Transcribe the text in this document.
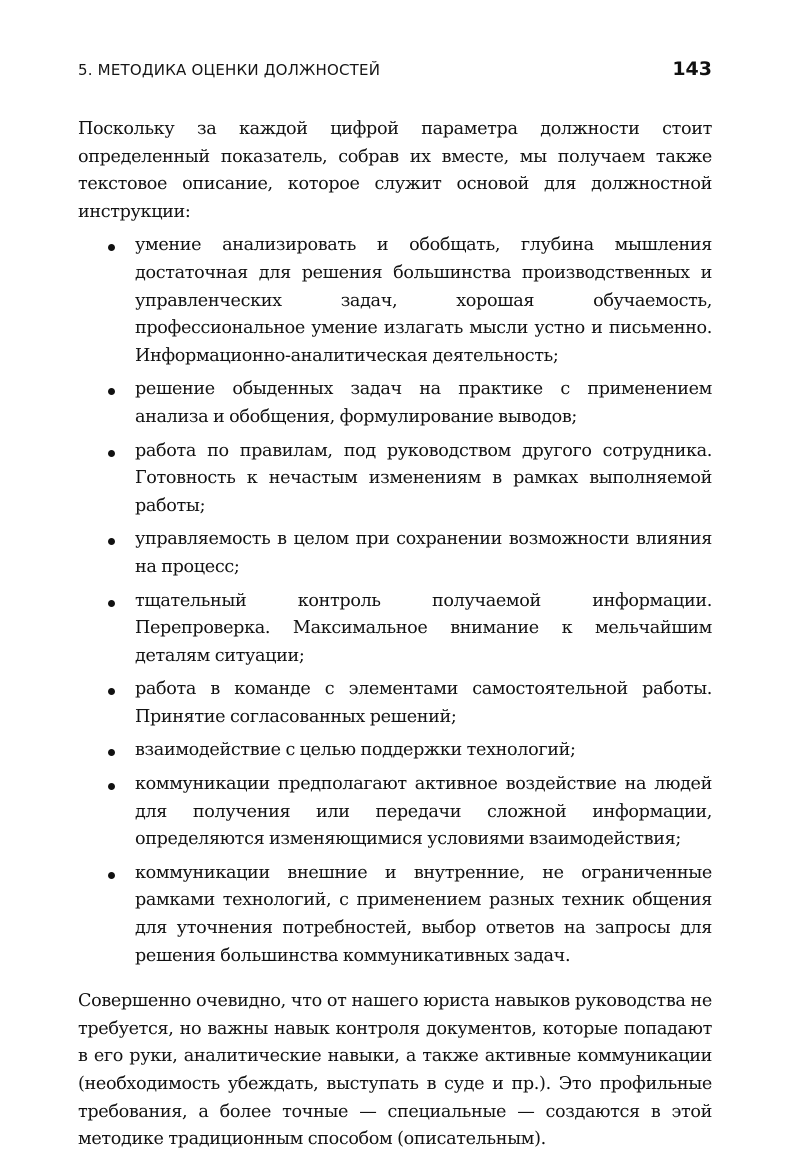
5. МЕТОДИКА ОЦЕНКИ ДОЛЖНОСТЕЙ	143

Поскольку за каждой цифрой параметра должности стоит определенный показатель, собрав их вместе, мы получаем также текстовое описание, которое служит основой для должностной инструкции:

умение анализировать и обобщать, глубина мышления достаточная для решения большинства производственных и управленческих задач, хорошая обучаемость, профессиональное умение излагать мысли устно и письменно. Информационно-аналитическая деятельность;
решение обыденных задач на практике с применением анализа и обобщения, формулирование выводов;
работа по правилам, под руководством другого сотрудника. Готовность к нечастым изменениям в рамках выполняемой работы;
управляемость в целом при сохранении возможности влияния на процесс;
тщательный контроль получаемой информации. Перепроверка. Максимальное внимание к мельчайшим деталям ситуации;
работа в команде с элементами самостоятельной работы. Принятие согласованных решений;
взаимодействие с целью поддержки технологий;
коммуникации предполагают активное воздействие на людей для получения или передачи сложной информации, определяются изменяющимися условиями взаимодействия;
коммуникации внешние и внутренние, не ограниченные рамками технологий, с применением разных техник общения для уточнения потребностей, выбор ответов на запросы для решения большинства коммуникативных задач.

Совершенно очевидно, что от нашего юриста навыков руководства не требуется, но важны навык контроля документов, которые попадают в его руки, аналитические навыки, а также активные коммуникации (необходимость убеждать, выступать в суде и пр.). Это профильные требования, а более точные — специальные — создаются в этой методике традиционным способом (описательным).
